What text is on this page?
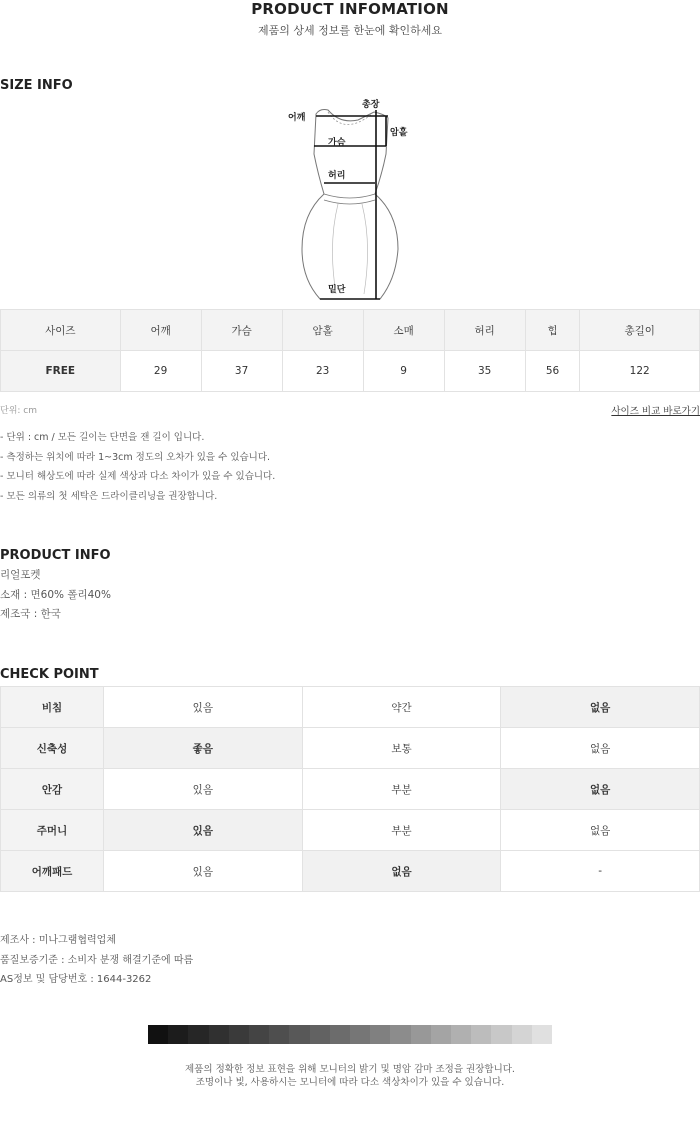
PRODUCT INFOMATION
제품의 상세 정보를 한눈에 확인하세요
SIZE INFO
어깨
총장
암홀
가슴
허리
밑단
사이즈	어깨	가슴	암홀	소매	허리	힙	총길이
FREE	29	37	23	9	35	56	122
단위: cm	사이즈 비교 바로가기
- 단위 : cm / 모든 길이는 단면을 잰 길이 입니다.
- 측정하는 위치에 따라 1~3cm 정도의 오차가 있을 수 있습니다.
- 모니터 해상도에 따라 실제 색상과 다소 차이가 있을 수 있습니다.
- 모든 의류의 첫 세탁은 드라이클리닝을 권장합니다.
PRODUCT INFO
리얼포켓
소재 : 면60% 폴리40%
제조국 : 한국
CHECK POINT
비침	있음	약간	없음
신축성	좋음	보통	없음
안감	있음	부분	없음
주머니	있음	부분	없음
어깨패드	있음	없음	-
제조사 : 미나그램협력업체
품질보증기준 : 소비자 분쟁 해결기준에 따름
AS정보 및 담당번호 : 1644-3262
제품의 정확한 정보 표현을 위해 모니터의 밝기 및 명암 감마 조정을 권장합니다.
조명이나 빛, 사용하시는 모니터에 따라 다소 색상차이가 있을 수 있습니다.
